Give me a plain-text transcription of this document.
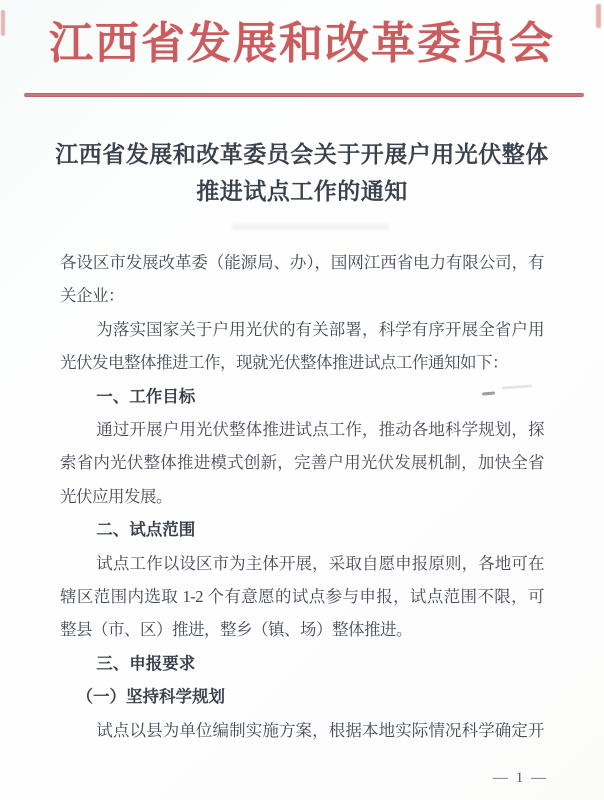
江西省发展和改革委员会
江西省发展和改革委员会关于开展户用光伏整体
推进试点工作的通知
各设区市发展改革委（能源局、办），国网江西省电力有限公司，有
关企业：
为落实国家关于户用光伏的有关部署，科学有序开展全省户用
光伏发电整体推进工作，现就光伏整体推进试点工作通知如下：
一、工作目标
通过开展户用光伏整体推进试点工作，推动各地科学规划，探
索省内光伏整体推进模式创新，完善户用光伏发展机制，加快全省
光伏应用发展。
二、试点范围
试点工作以设区市为主体开展，采取自愿申报原则，各地可在
辖区范围内选取 1-2 个有意愿的试点参与申报，试点范围不限，可
整县（市、区）推进，整乡（镇、场）整体推进。
三、申报要求
（一）坚持科学规划
试点以县为单位编制实施方案，根据本地实际情况科学确定开
— 1 —
